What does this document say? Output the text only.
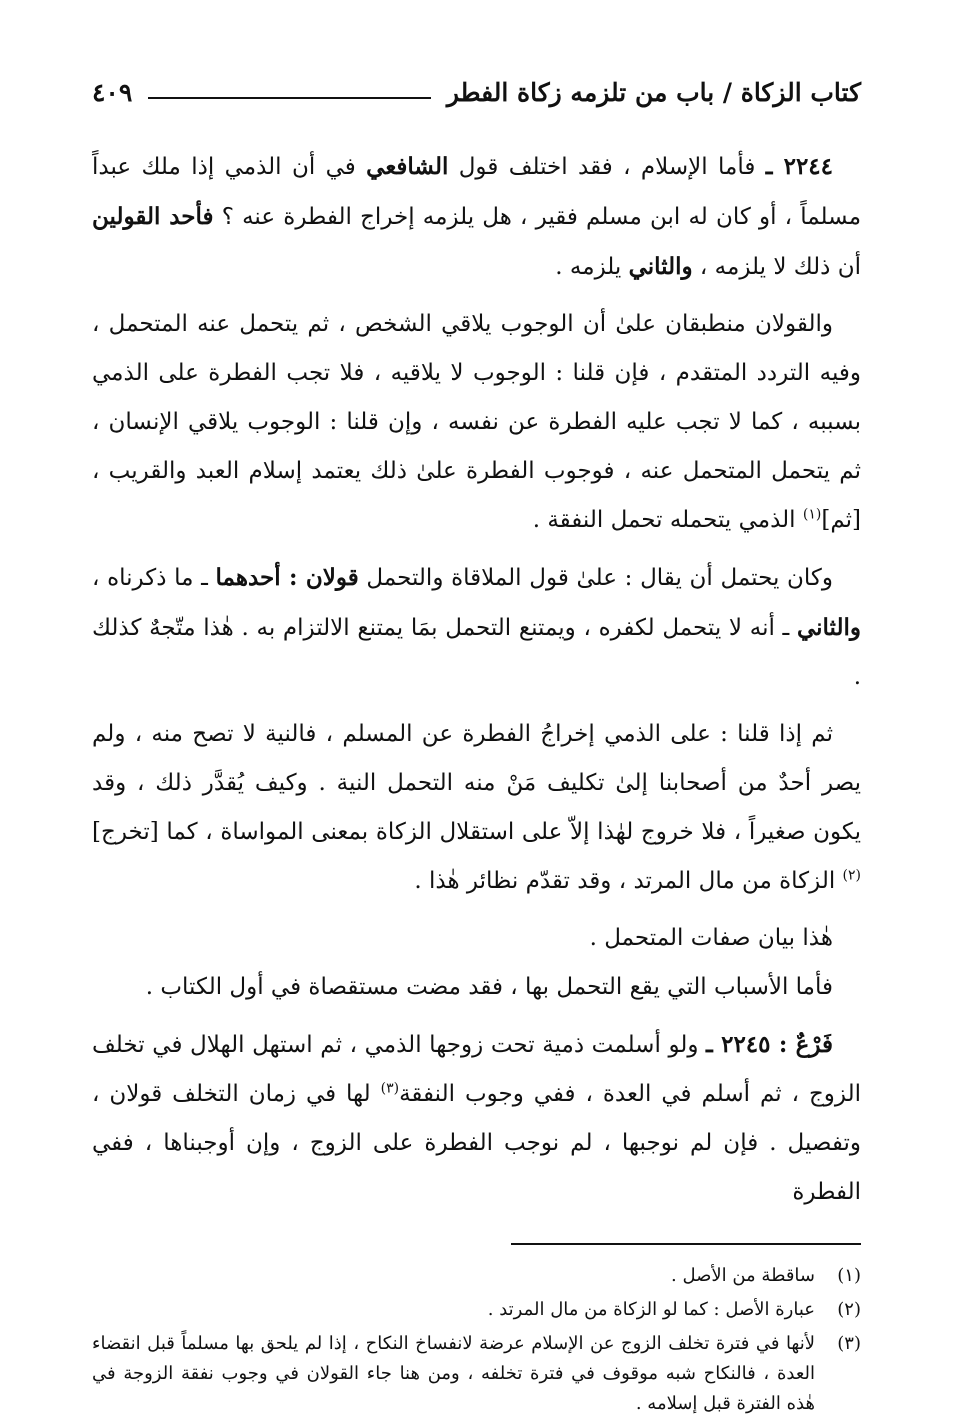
كتاب الزكاة / باب من تلزمه زكاة الفطر
٤٠٩

٢٢٤٤ ـ فأما الإسلام ، فقد اختلف قول الشافعي في أن الذمي إذا ملك عبداً مسلماً ، أو كان له ابن مسلم فقير ، هل يلزمه إخراج الفطرة عنه ؟ فأحد القولين أن ذلك لا يلزمه ، والثاني يلزمه .

والقولان منطبقان علىٰ أن الوجوب يلاقي الشخص ، ثم يتحمل عنه المتحمل ، وفيه التردد المتقدم ، فإن قلنا : الوجوب لا يلاقيه ، فلا تجب الفطرة على الذمي بسببه ، كما لا تجب عليه الفطرة عن نفسه ، وإن قلنا : الوجوب يلاقي الإنسان ، ثم يتحمل المتحمل عنه ، فوجوب الفطرة علىٰ ذلك يعتمد إسلام العبد والقريب ، [ثم]$^{(١)}$ الذمي يتحمله تحمل النفقة .

وكان يحتمل أن يقال : علىٰ قول الملاقاة والتحمل قولان : أحدهما ـ ما ذكرناه ، والثاني ـ أنه لا يتحمل لكفره ، ويمتنع التحمل بمَا يمتنع الالتزام به . هٰذا متّجهٌ كذلك .

ثم إذا قلنا : على الذمي إخراجُ الفطرة عن المسلم ، فالنية لا تصح منه ، ولم يصر أحدٌ من أصحابنا إلىٰ تكليف مَنْ منه التحمل النية . وكيف يُقدَّر ذلك ، وقد يكون صغيراً ، فلا خروج لهٰذا إلاّ على استقلال الزكاة بمعنى المواساة ، كما [تخرج]$^{(٢)}$ الزكاة من مال المرتد ، وقد تقدّم نظائر هٰذا .

هٰذا بيان صفات المتحمل .

فأما الأسباب التي يقع التحمل بها ، فقد مضت مستقصاة في أول الكتاب .

فَرْعٌ : ٢٢٤٥ ـ ولو أسلمت ذمية تحت زوجها الذمي ، ثم استهل الهلال في تخلف الزوج ، ثم أسلم في العدة ، ففي وجوب النفقة$^{(٣)}$ لها في زمان التخلف قولان ، وتفصيل . فإن لم نوجبها ، لم نوجب الفطرة على الزوج ، وإن أوجبناها ، ففي الفطرة

(١)
ساقطة من الأصل .
(٢)
عبارة الأصل : كما لو الزكاة من مال المرتد .
(٣)
لأنها في فترة تخلف الزوج عن الإسلام عرضة لانفساخ النكاح ، إذا لم يلحق بها مسلماً قبل انقضاء العدة ، فالنكاح شبه موقوف في فترة تخلفه ، ومن هنا جاء القولان في وجوب نفقة الزوجة في هٰذه الفترة قبل إسلامه .
